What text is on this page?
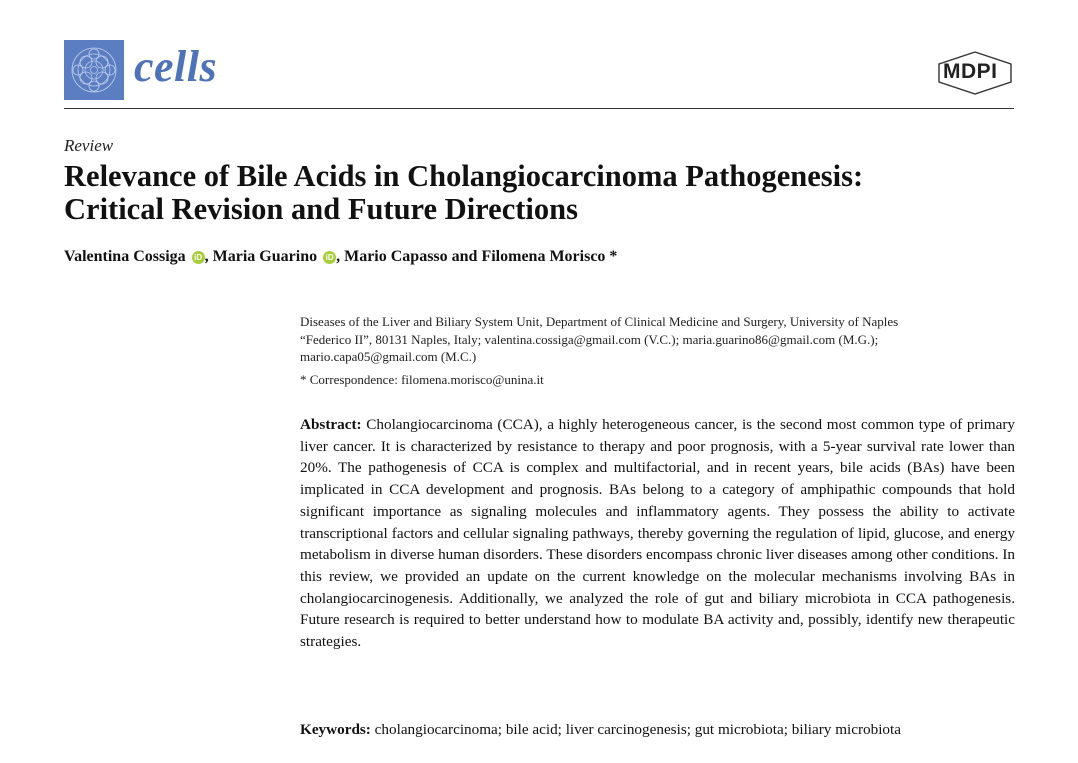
cells	MDPI
Review
Relevance of Bile Acids in Cholangiocarcinoma Pathogenesis:
Critical Revision and Future Directions
Valentina Cossiga iD , Maria Guarino iD , Mario Capasso and Filomena Morisco *
Diseases of the Liver and Biliary System Unit, Department of Clinical Medicine and Surgery, University of Naples
“Federico II”, 80131 Naples, Italy; valentina.cossiga@gmail.com (V.C.); maria.guarino86@gmail.com (M.G.);
mario.capa05@gmail.com (M.C.)
* Correspondence: filomena.morisco@unina.it
Abstract: Cholangiocarcinoma (CCA), a highly heterogeneous cancer, is the second most common type of primary liver cancer. It is characterized by resistance to therapy and poor prognosis, with a 5-year survival rate lower than 20%. The pathogenesis of CCA is complex and multifactorial, and in recent years, bile acids (BAs) have been implicated in CCA development and prognosis. BAs belong to a category of amphipathic compounds that hold significant importance as signaling molecules and inflammatory agents. They possess the ability to activate transcriptional factors and cellular signaling pathways, thereby governing the regulation of lipid, glucose, and energy metabolism in diverse human disorders. These disorders encompass chronic liver diseases among other conditions. In this review, we provided an update on the current knowledge on the molecular mechanisms involving BAs in cholangiocarcinogenesis. Additionally, we analyzed the role of gut and biliary microbiota in CCA pathogenesis. Future research is required to better understand how to modulate BA activity and, possibly, identify new therapeutic strategies.
Keywords: cholangiocarcinoma; bile acid; liver carcinogenesis; gut microbiota; biliary microbiota
